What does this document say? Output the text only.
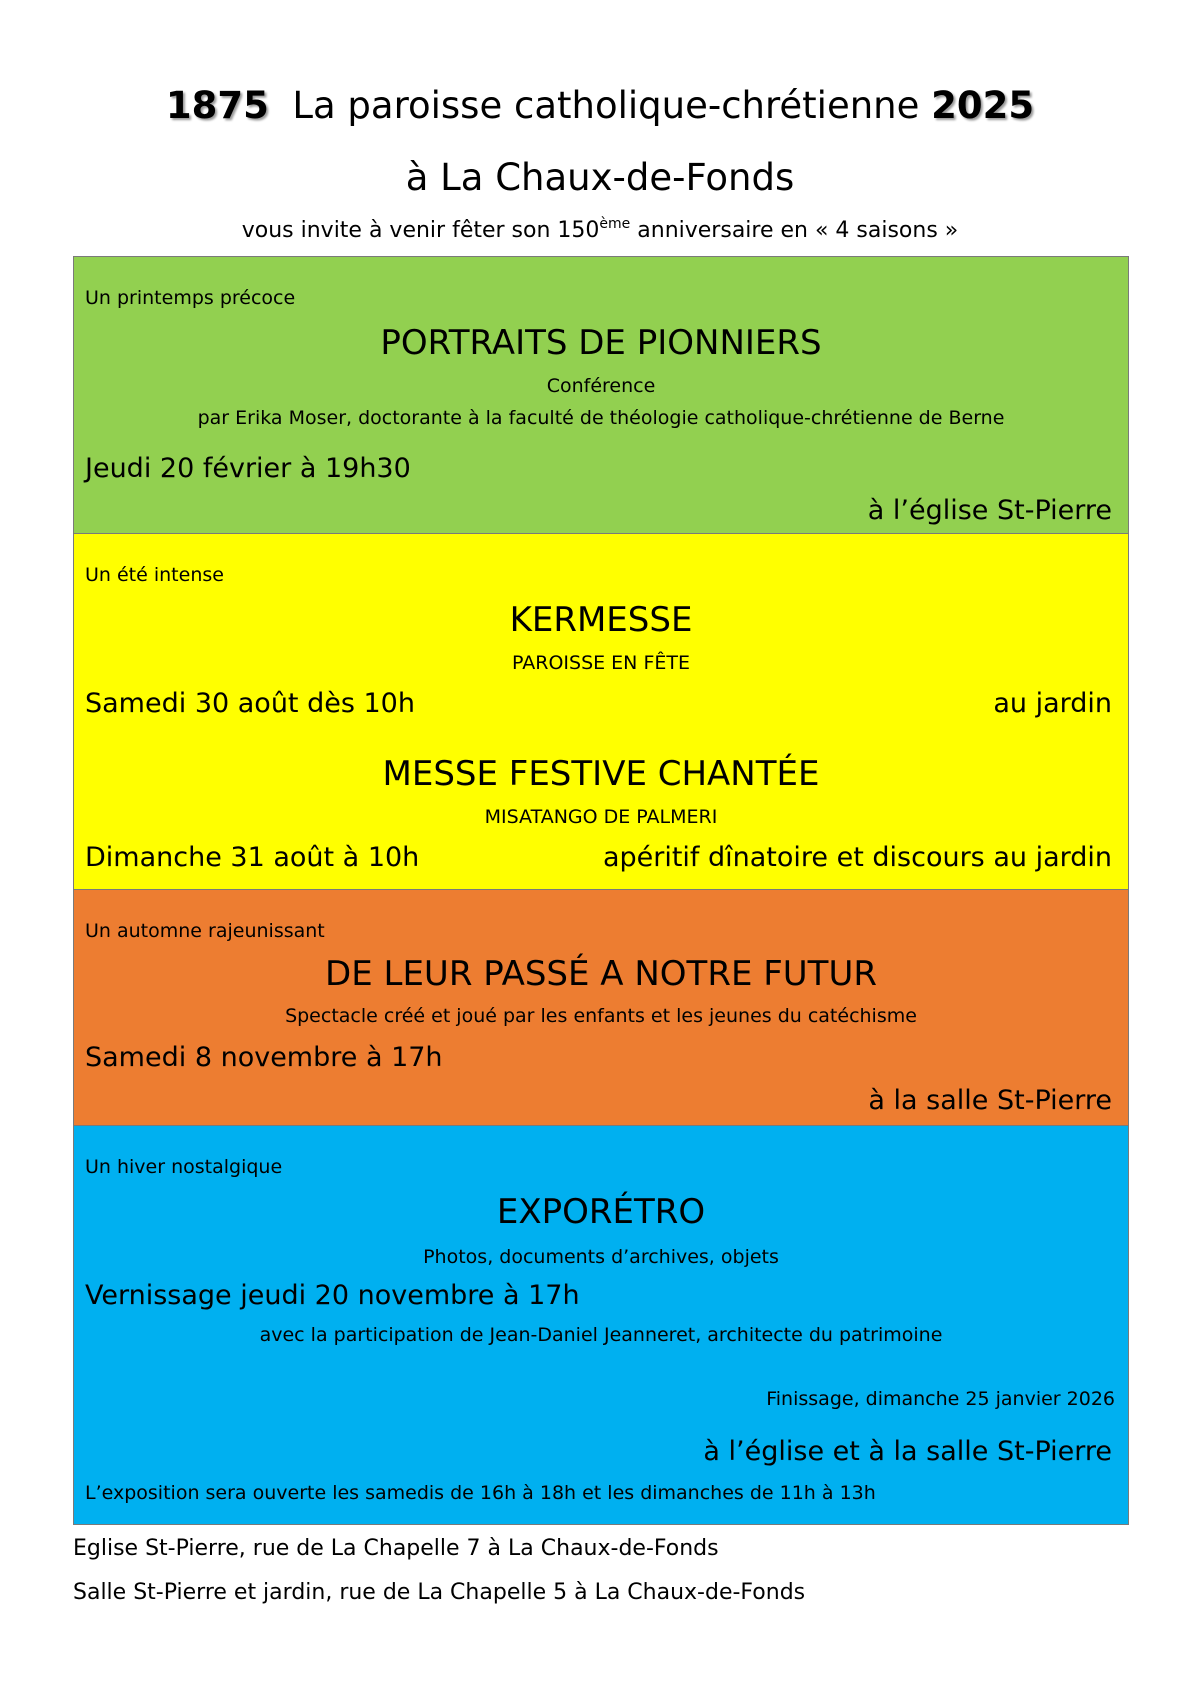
1875 La paroisse catholique-chrétienne 2025
à La Chaux-de-Fonds
vous invite à venir fêter son 150ème anniversaire en « 4 saisons »
Un printemps précoce
PORTRAITS DE PIONNIERS
Conférence
par Erika Moser, doctorante à la faculté de théologie catholique-chrétienne de Berne
Jeudi 20 février à 19h30
à l’église St-Pierre
Un été intense
KERMESSE
PAROISSE EN FÊTE
Samedi 30 août dès 10h	au jardin
MESSE FESTIVE CHANTÉE
MISATANGO DE PALMERI
Dimanche 31 août à 10h	apéritif dînatoire et discours au jardin
Un automne rajeunissant
DE LEUR PASSÉ A NOTRE FUTUR
Spectacle créé et joué par les enfants et les jeunes du catéchisme
Samedi 8 novembre à 17h
à la salle St-Pierre
Un hiver nostalgique
EXPORÉTRO
Photos, documents d’archives, objets
Vernissage jeudi 20 novembre à 17h
avec la participation de Jean-Daniel Jeanneret, architecte du patrimoine
Finissage, dimanche 25 janvier 2026
à l’église et à la salle St-Pierre
L’exposition sera ouverte les samedis de 16h à 18h et les dimanches de 11h à 13h
Eglise St-Pierre, rue de La Chapelle 7 à La Chaux-de-Fonds
Salle St-Pierre et jardin, rue de La Chapelle 5 à La Chaux-de-Fonds
